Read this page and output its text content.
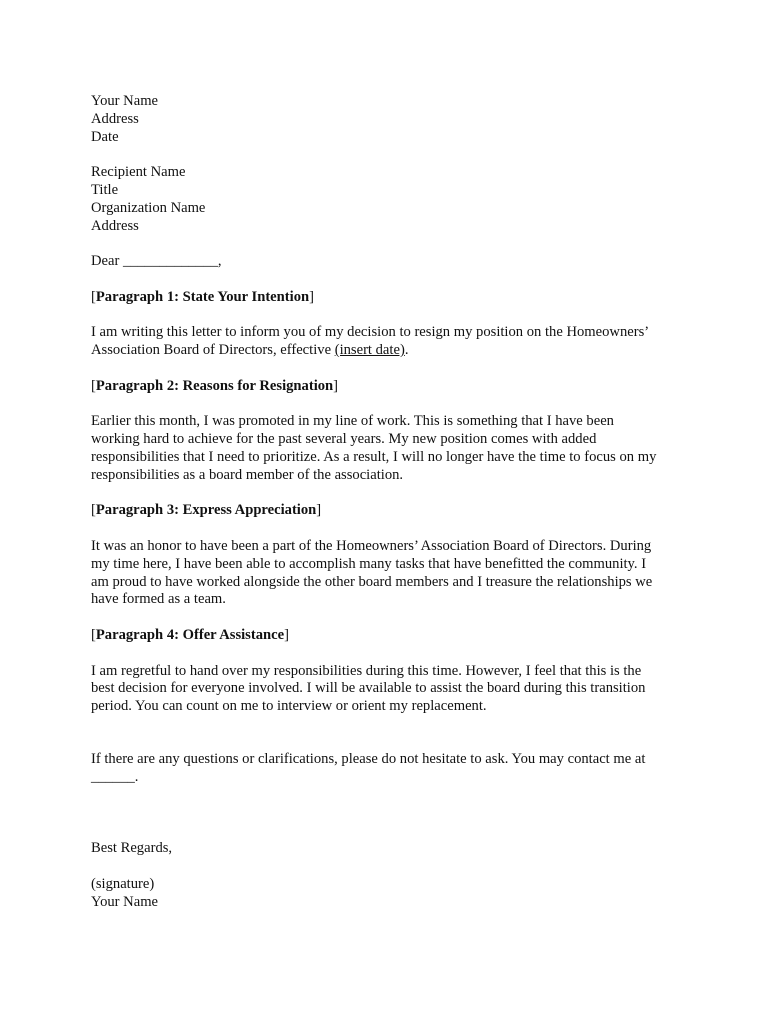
Your Name
Address
Date
Recipient Name
Title
Organization Name
Address
Dear _____________,
[Paragraph 1: State Your Intention]
I am writing this letter to inform you of my decision to resign my position on the Homeowners’
Association Board of Directors, effective (insert date).
[Paragraph 2: Reasons for Resignation]
Earlier this month, I was promoted in my line of work. This is something that I have been
working hard to achieve for the past several years. My new position comes with added
responsibilities that I need to prioritize. As a result, I will no longer have the time to focus on my
responsibilities as a board member of the association.
[Paragraph 3: Express Appreciation]
It was an honor to have been a part of the Homeowners’ Association Board of Directors. During
my time here, I have been able to accomplish many tasks that have benefitted the community. I
am proud to have worked alongside the other board members and I treasure the relationships we
have formed as a team.
[Paragraph 4: Offer Assistance]
I am regretful to hand over my responsibilities during this time. However, I feel that this is the
best decision for everyone involved. I will be available to assist the board during this transition
period. You can count on me to interview or orient my replacement.
If there are any questions or clarifications, please do not hesitate to ask. You may contact me at
______.
Best Regards,
(signature)
Your Name
